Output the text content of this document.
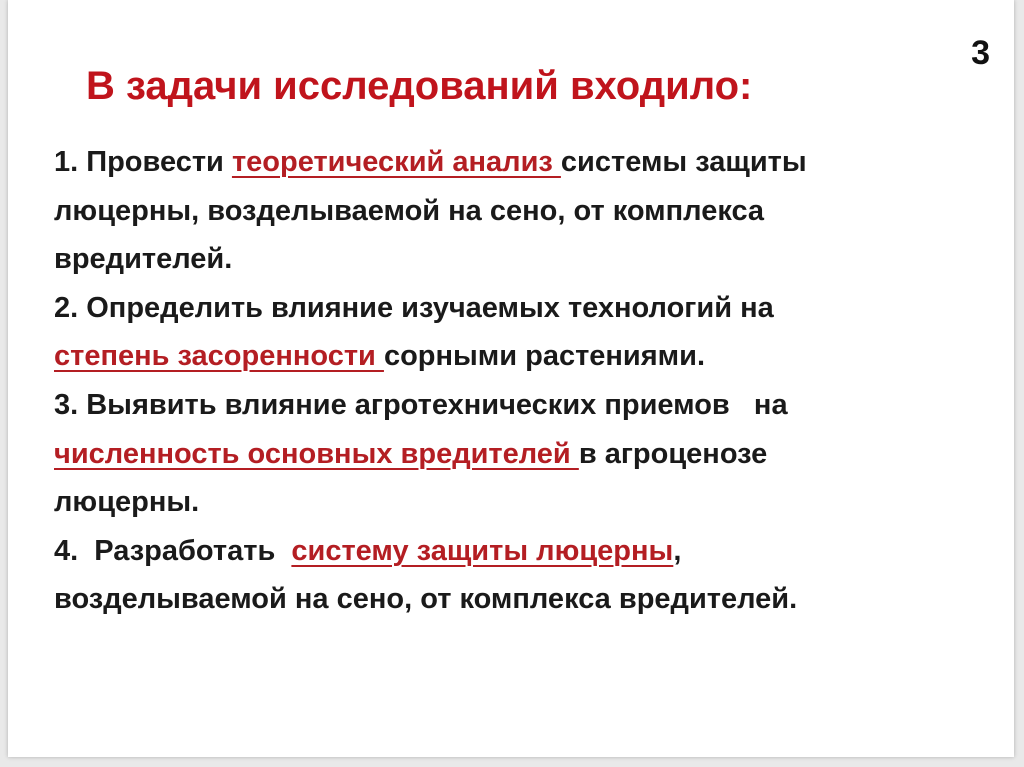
3
В задачи исследований входило:
1. Провести теоретический анализ системы защиты
люцерны, возделываемой на сено, от комплекса
вредителей.
2. Определить влияние изучаемых технологий на
степень засоренности сорными растениями.
3. Выявить влияние агротехнических приемов   на
численность основных вредителей в агроценозе
люцерны.
4.  Разработать  систему защиты люцерны,
возделываемой на сено, от комплекса вредителей.
